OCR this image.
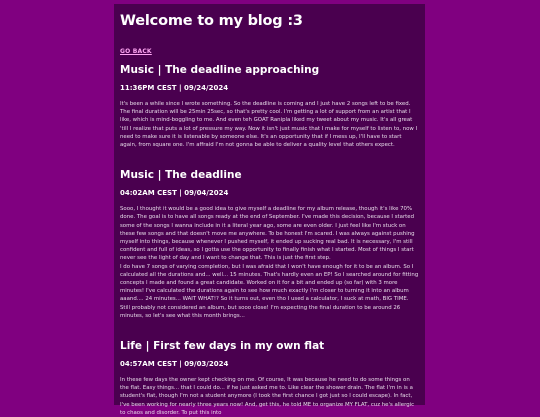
Welcome to my blog :3
GO BACK
Music | The deadline approaching
11:36PM CEST | 09/24/2024

It's been a while since I wrote something. So the deadline is coming and I just have 2 songs left to be fixed. The final duration will be 25min 25sec, so that's pretty cool. I'm getting a lot of support from an artist that I like, which is mind-boggling to me. And even teh GOAT Ranipla liked my tweet about my music. It's all great 'till I realize that puts a lot of pressure my way. Now it isn't just music that I make for myself to listen to, now I need to make sure it is listenable by someone else. It's an opportunity that if I mess up, I'll have to start again, from square one. I'm affraid I'm not gonna be able to deliver a quality level that others expect.

Music | The deadline
04:02AM CEST | 09/04/2024

Sooo, I thought it would be a good idea to give myself a deadline for my album release, though it's like 70% done. The goal is to have all songs ready at the end of September. I've made this decision, because I started some of the songs I wanna include in it a literal year ago, some are even older. I just feel like I'm stuck on these few songs and that doesn't move me anywhere. To be honest I'm scared. I was always against pushing myself into things, because whenever I pushed myself, it ended up sucking real bad. It is necessary, I'm still confident and full of ideas, so I gotta use the opportunity to finally finish what I started. Most of things I start never see the light of day and I want to change that. This is just the first step.

I do have 7 songs of varying completion, but I was afraid that I won't have enough for it to be an album. So I calculated all the durations and... well... 15 minutes. That's hardly even an EP! So I searched around for fitting concepts I made and found a great candidate. Worked on it for a bit and ended up (so far) with 3 more minutes! I've calculated the durations again to see how much exactly I'm closer to turning it into an album aaand.... 24 minutes... WAIT WHAT!? So it turns out, even tho I used a calculator, I suck at math, BIG TIME. Still probably not considered an album, but sooo close! I'm expecting the final duration to be around 26 minutes, so let's see what this month brings...

Life | First few days in my own flat
04:57AM CEST | 09/03/2024

In these few days the owner kept checking on me. Of course, It was because he need to do some things on the flat. Easy things... that I could do... if he just asked me to. Like clear the shower drain. The flat I'm in is a student's flat, though I'm not a student anymore (I took the first chance I got just so I could escape). In fact, I've been working for nearly three years now! And, get this, he told ME to organize MY FLAT, cuz he's allergic to chaos and disorder. To put this into
